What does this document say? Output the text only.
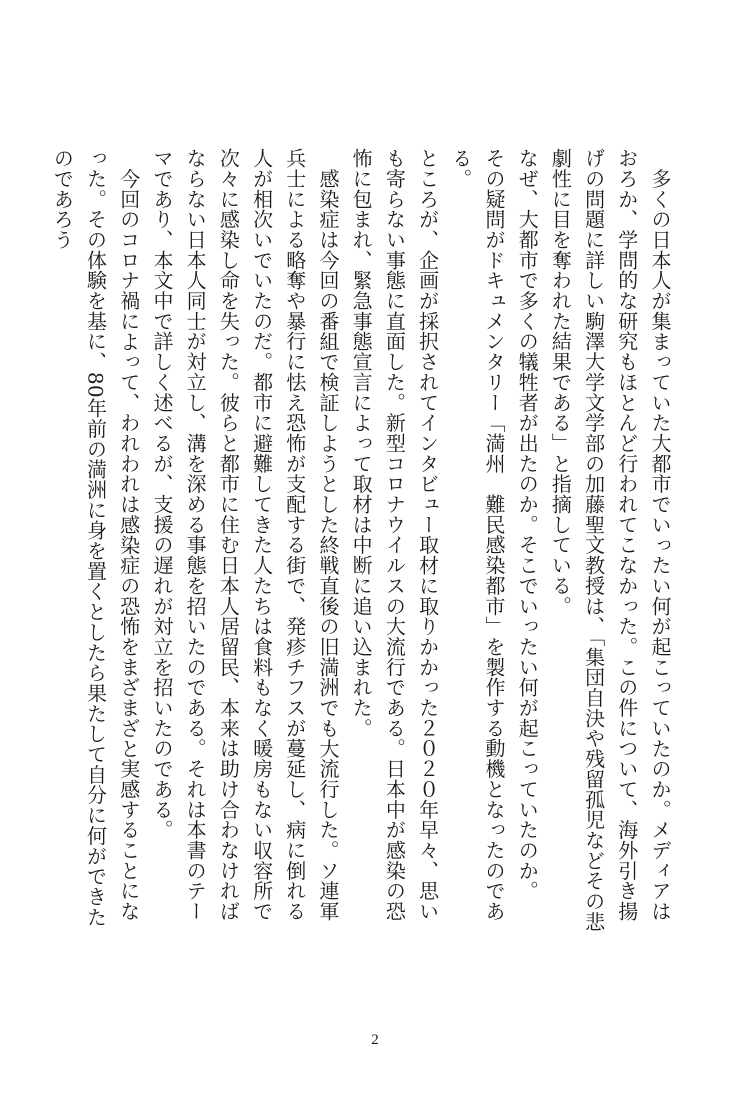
多くの日本人が集まっていた大都市でいったい何が起こっていたのか。メディアはおろか、学問的な研究もほとんど行われてこなかった。この件について、海外引き揚げの問題に詳しい駒澤大学文学部の加藤聖文教授は、「集団自決や残留孤児などその悲劇性に目を奪われた結果である」と指摘している。

なぜ、大都市で多くの犠牲者が出たのか。そこでいったい何が起こっていたのか。

その疑問がドキュメンタリー「満州　難民感染都市」を製作する動機となったのである。

ところが、企画が採択されてインタビュー取材に取りかかった２０２０年早々、思いも寄らない事態に直面した。新型コロナウイルスの大流行である。日本中が感染の恐怖に包まれ、緊急事態宣言によって取材は中断に追い込まれた。

感染症は今回の番組で検証しようとした終戦直後の旧満洲でも大流行した。ソ連軍兵士による略奪や暴行に怯え恐怖が支配する街で、発疹チフスが蔓延し、病に倒れる人が相次いでいたのだ。都市に避難してきた人たちは食料もなく暖房もない収容所で次々に感染し命を失った。彼らと都市に住む日本人居留民、本来は助け合わなければならない日本人同士が対立し、溝を深める事態を招いたのである。それは本書のテーマであり、本文中で詳しく述べるが、支援の遅れが対立を招いたのである。

今回のコロナ禍によって、われわれは感染症の恐怖をまざまざと実感することになった。その体験を基に、80年前の満洲に身を置くとしたら果たして自分に何ができたのであろう

2
